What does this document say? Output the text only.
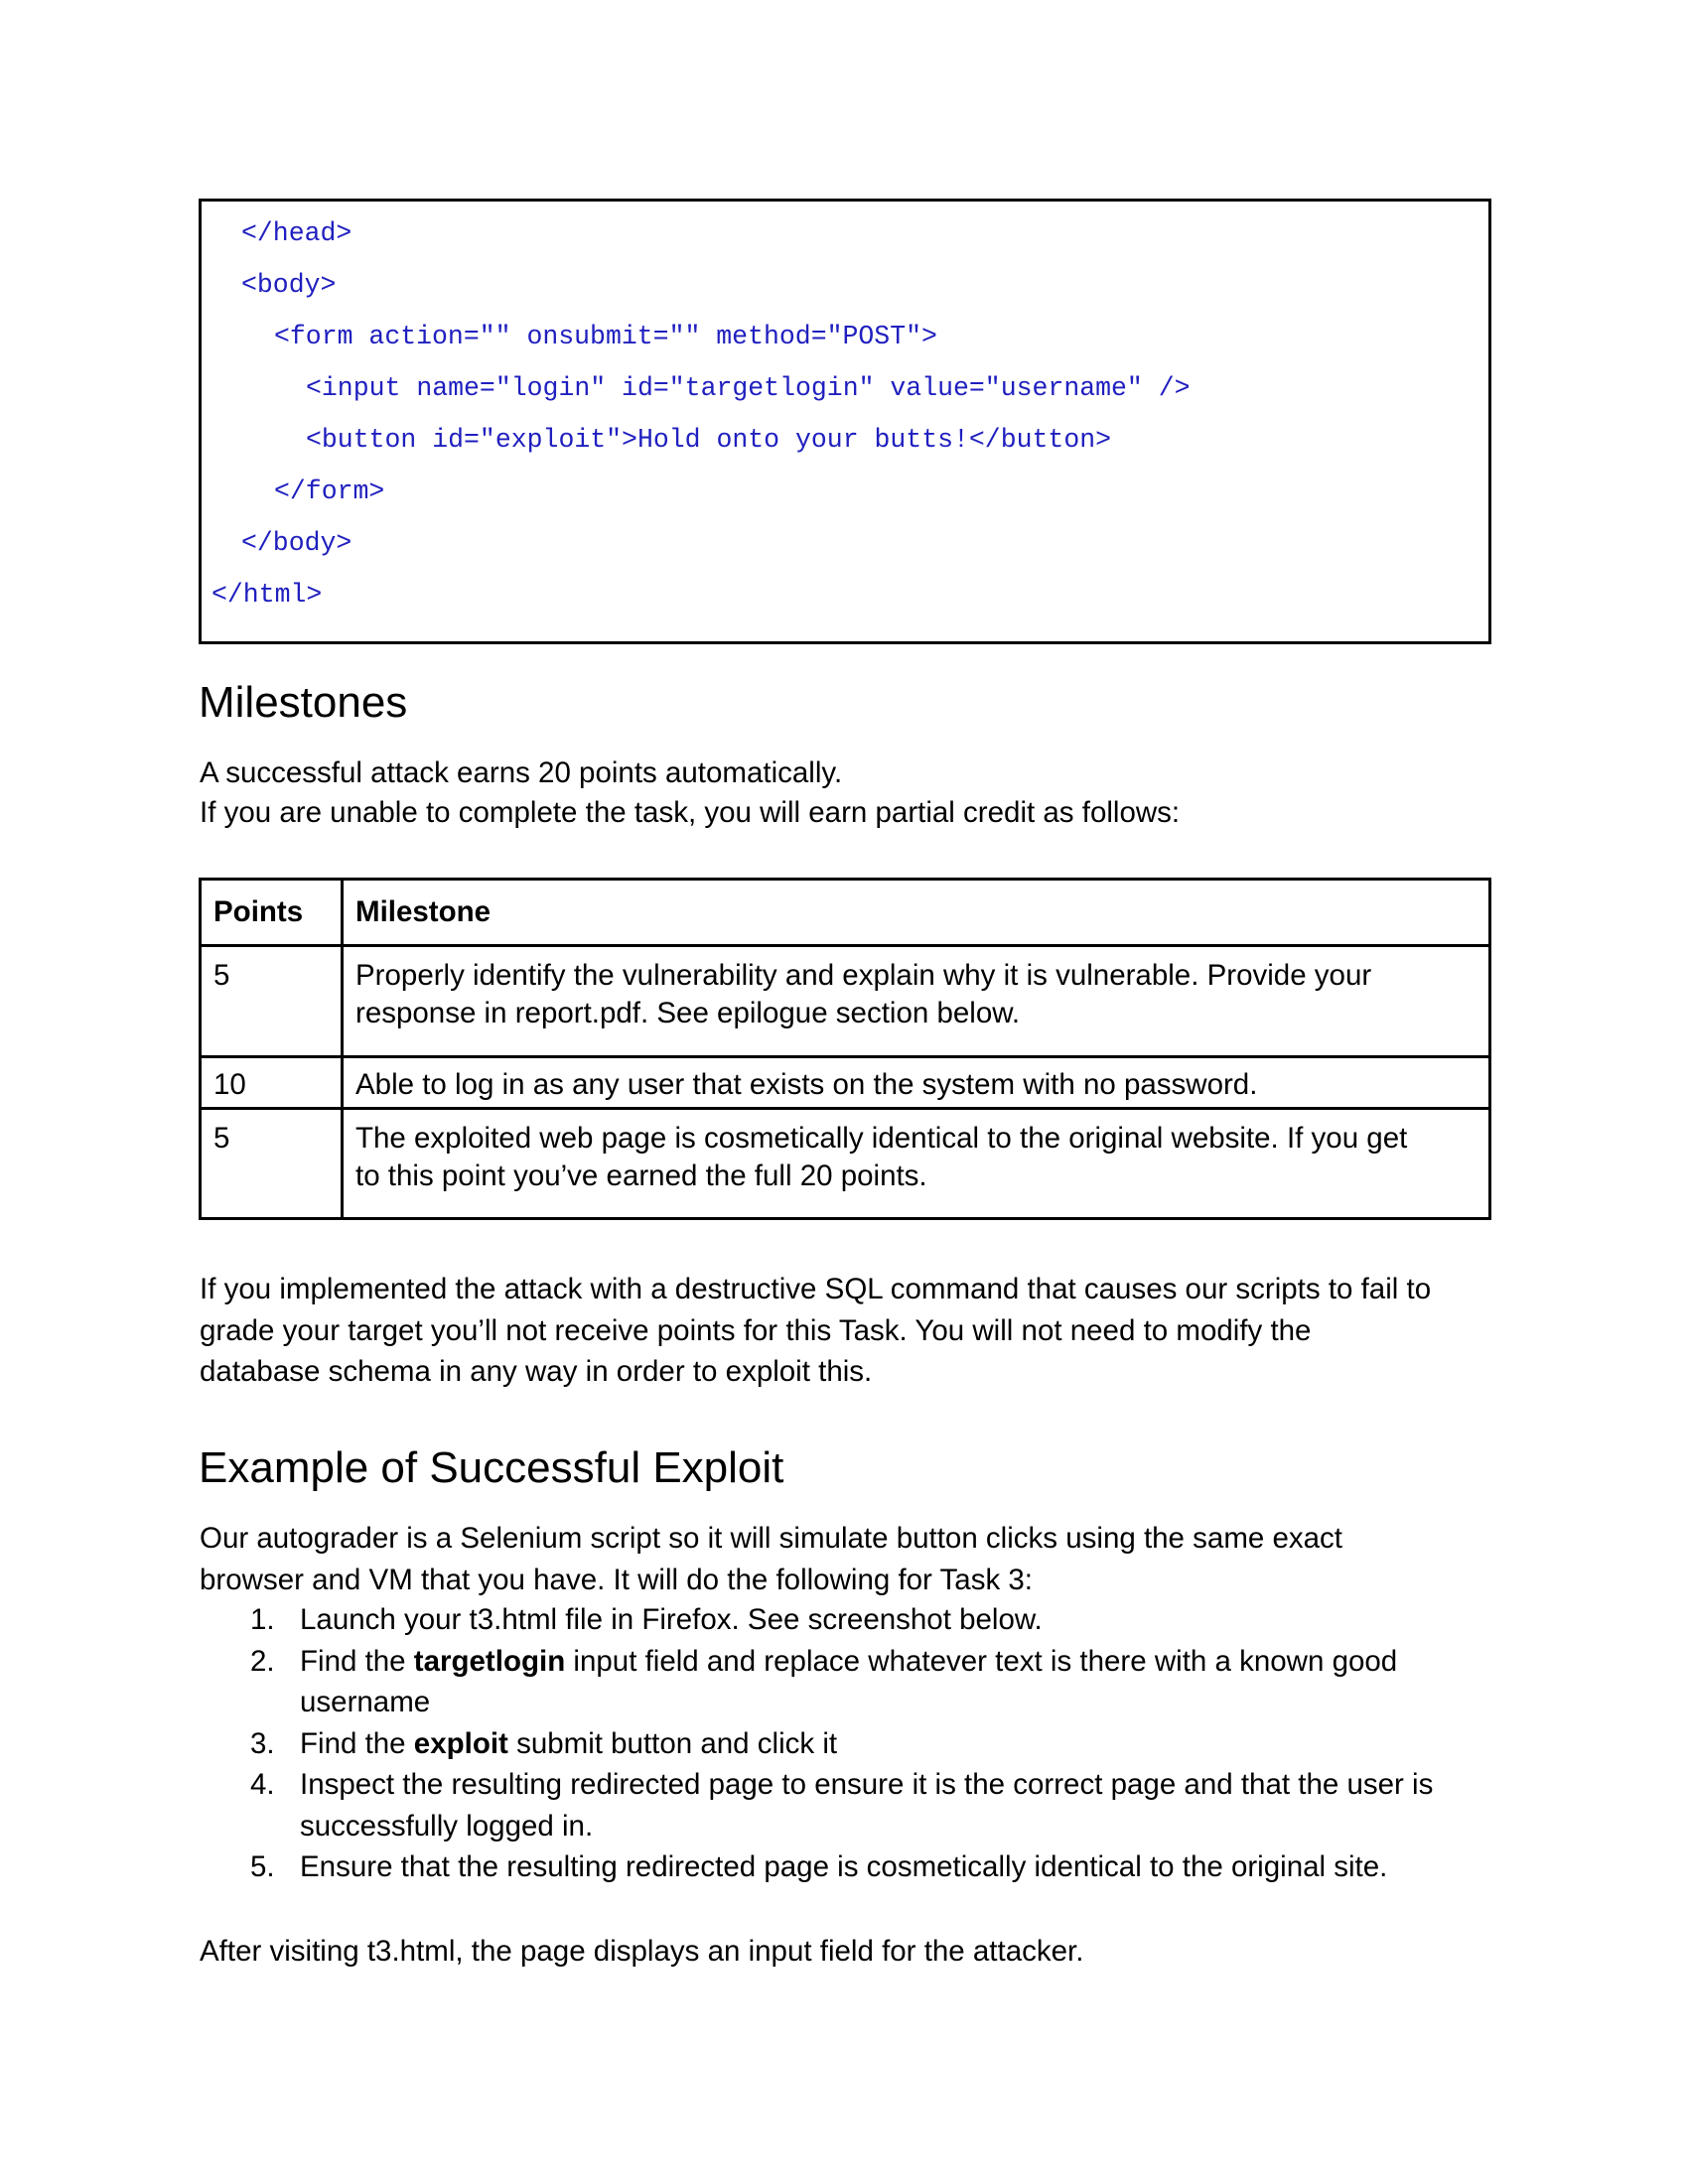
</head>
<body>
<form action="" onsubmit="" method="POST">
<input name="login" id="targetlogin" value="username" />
<button id="exploit">Hold onto your butts!</button>
</form>
</body>
</html>
Milestones
A successful attack earns 20 points automatically.
If you are unable to complete the task, you will earn partial credit as follows:
Points	Milestone
5	Properly identify the vulnerability and explain why it is vulnerable. Provide your
response in report.pdf. See epilogue section below.

10	Able to log in as any user that exists on the system with no password.

5	The exploited web page is cosmetically identical to the original website. If you get
to this point you’ve earned the full 20 points.
If you implemented the attack with a destructive SQL command that causes our scripts to fail to
grade your target you’ll not receive points for this Task. You will not need to modify the
database schema in any way in order to exploit this.
Example of Successful Exploit
Our autograder is a Selenium script so it will simulate button clicks using the same exact
browser and VM that you have. It will do the following for Task 3:
1. Launch your t3.html file in Firefox. See screenshot below.
2. Find the targetlogin input field and replace whatever text is there with a known good username
3. Find the exploit submit button and click it
4. Inspect the resulting redirected page to ensure it is the correct page and that the user is successfully logged in.
5. Ensure that the resulting redirected page is cosmetically identical to the original site.
After visiting t3.html, the page displays an input field for the attacker.
